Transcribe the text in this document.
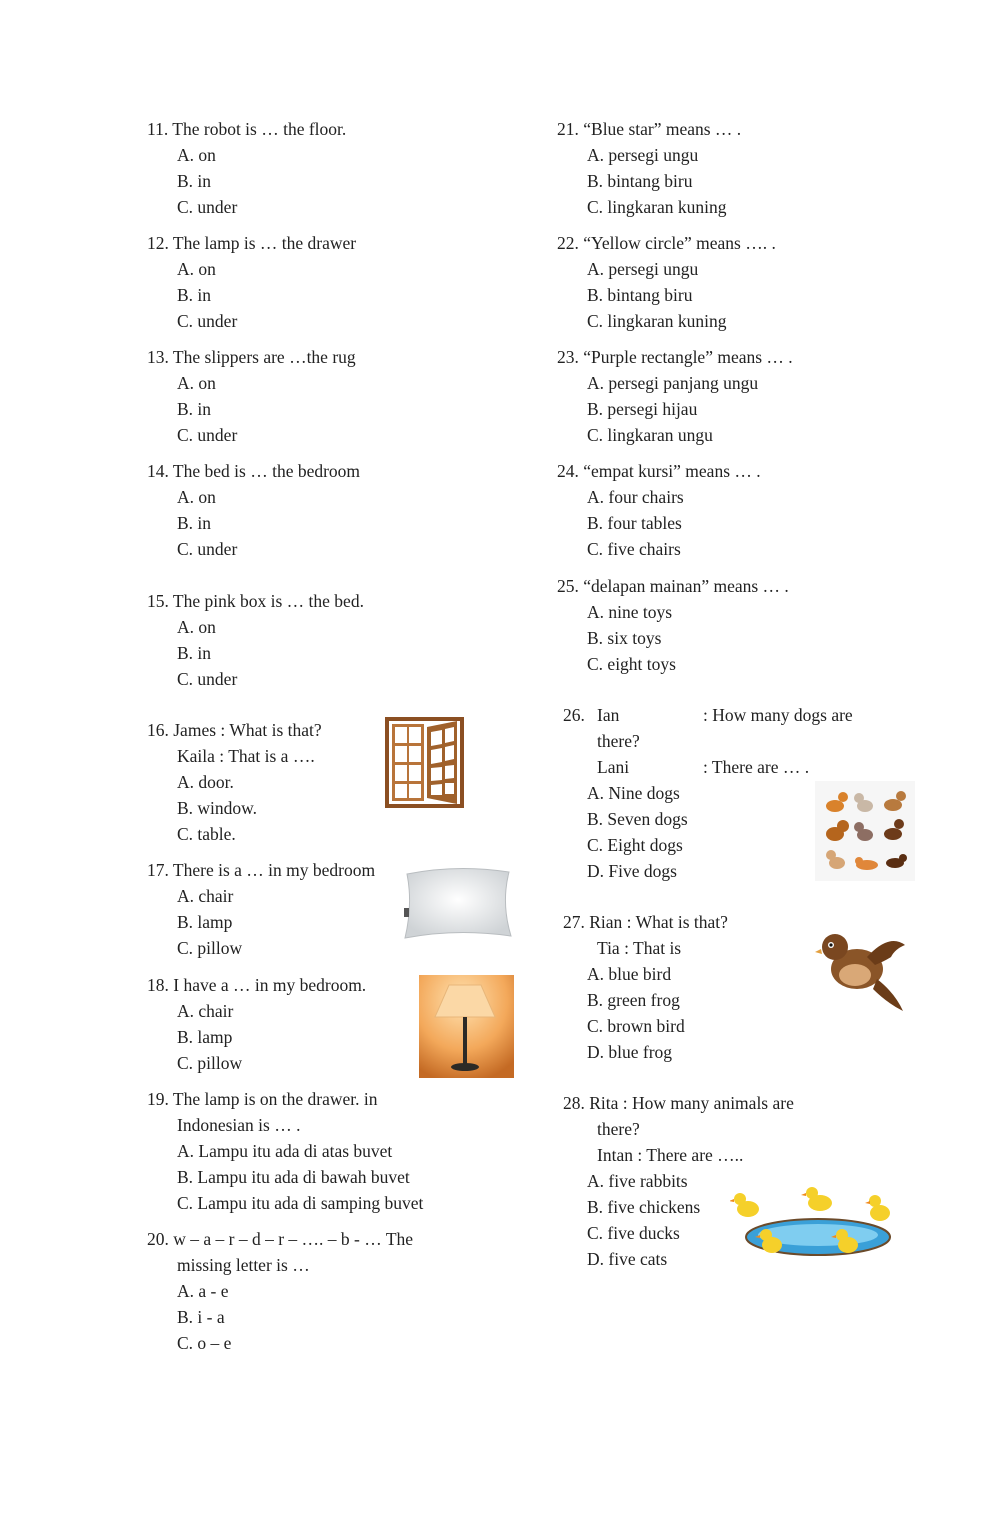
11. The robot is … the floor.
A. on
B. in
C. under
12. The lamp is … the drawer
A. on
B. in
C. under
13. The slippers are …the rug
A. on
B. in
C. under
14. The bed is … the bedroom
A. on
B. in
C. under
15. The pink box is … the bed.
A. on
B. in
C. under
16. James : What is that?
Kaila : That is a ….
A. door.
B. window.
C. table.
17. There is a … in my bedroom
A. chair
B. lamp
C. pillow
18. I have a … in my bedroom.
A. chair
B. lamp
C. pillow
19. The lamp is on the drawer. in
Indonesian is … .
A. Lampu itu ada di atas buvet
B. Lampu itu ada di bawah buvet
C. Lampu itu ada di samping buvet
20. w – a – r – d – r – …. – b - … The
missing letter is …
A. a - e
B. i - a
C. o – e
21. “Blue star” means … .
A. persegi ungu
B. bintang biru
C. lingkaran kuning
22. “Yellow circle” means …. .
A. persegi ungu
B. bintang biru
C. lingkaran kuning
23. “Purple rectangle” means … .
A. persegi panjang ungu
B. persegi hijau
C. lingkaran ungu
24. “empat kursi” means … .
A. four chairs
B. four tables
C. five chairs
25. “delapan mainan” means … .
A. nine toys
B. six toys
C. eight toys
26. Ian	: How many dogs are
there?
Lani	: There are … .
A. Nine dogs
B. Seven dogs
C. Eight dogs
D. Five dogs
27. Rian : What is that?
Tia : That is
A. blue bird
B. green frog
C. brown bird
D. blue frog
28. Rita : How many animals are
there?
Intan : There are …..
A. five rabbits
B. five chickens
C. five ducks
D. five cats
